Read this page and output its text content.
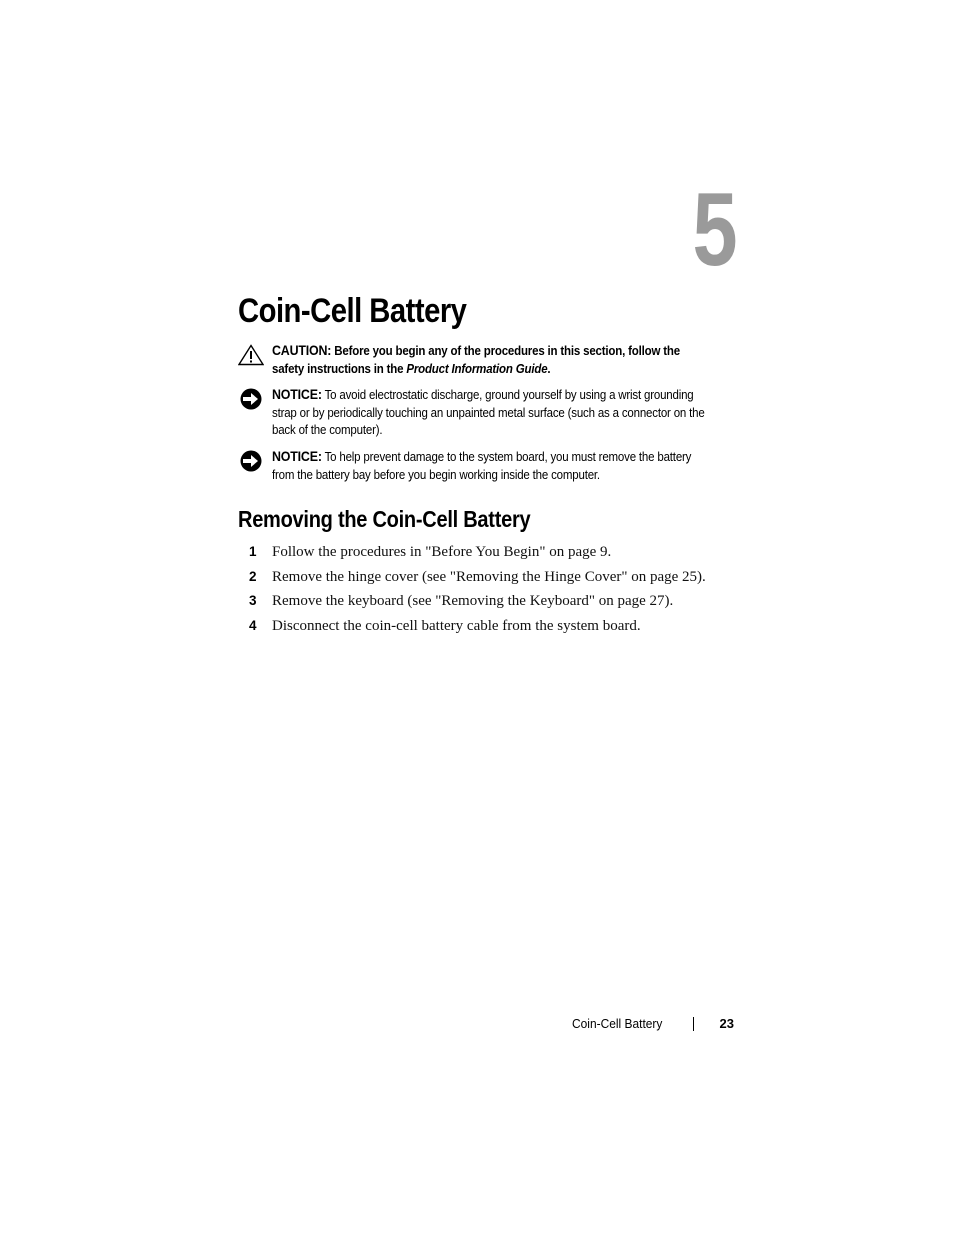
5
Coin-Cell Battery
CAUTION: Before you begin any of the procedures in this section, follow the safety instructions in the Product Information Guide.
NOTICE: To avoid electrostatic discharge, ground yourself by using a wrist grounding strap or by periodically touching an unpainted metal surface (such as a connector on the back of the computer).
NOTICE: To help prevent damage to the system board, you must remove the battery from the battery bay before you begin working inside the computer.
Removing the Coin-Cell Battery
1 Follow the procedures in "Before You Begin" on page 9.
2 Remove the hinge cover (see "Removing the Hinge Cover" on page 25).
3 Remove the keyboard (see "Removing the Keyboard" on page 27).
4 Disconnect the coin-cell battery cable from the system board.
Coin-Cell Battery	23
